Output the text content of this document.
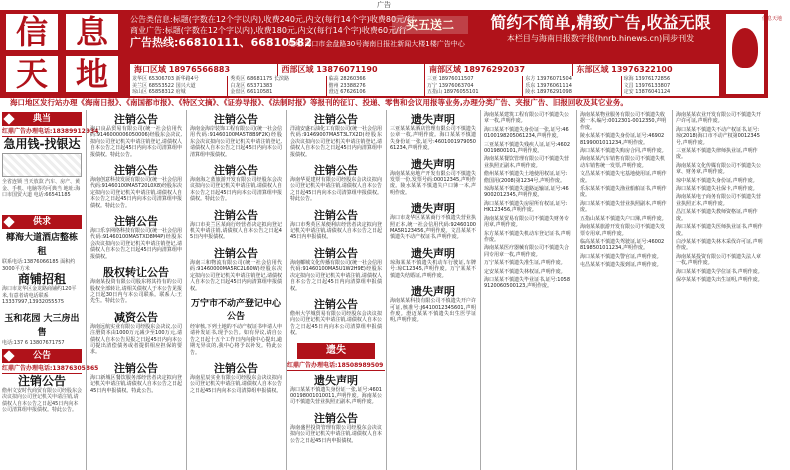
广告
信 息
天 地
公告类信息:标题(字数在12个字以内),收费240元,内文(每行14个字)收费80元/行
商业广告:标题(字数在12个字以内),收费180元,内文(每行14个字)收费60元/行
广告热线:66810111、66810582
地址:海口市金盘路30号海南日报社新闻大楼1楼广告中心
买五送二	简约不简单,精致广告,收益无限
本栏目与海南日报数字报(hnrb.hinews.cn)同步刊发
信息天地
海口区域 18976566883	西部区域 13876071190	南部区域 18976292037	东部区域 13976322100
龙华区 65306703 新华路4号
美兰区 68553522 国兴大道
琼山区 65858312 府城
秀英区 68681175 长滨路
白龙区 65371383
金盘区 66110581
临高 28260366
儋州 23388276
澄迈 67626106
三亚 18976011507
万宁 13976063704
五指山 18976055101
东方 13976071504
乐东 13976061114
陵水 18976291098
琼海 13976172856
文昌 13976133807
定安 13876041124
海口地区发行站办理《海南日报》、《南国都市报》、《特区文摘》、《证券导报》、《法制时报》等报刊的征订、投递、零售和会议用报等业务,办理分类广告、夹报广告、旧报回收及其它业务。
典当
红鼎广告办理电话:18389912934
急用钱-找银达
全省连锁 当天放款 汽车、房产、黄金、手机、电脑等均可典当 地址:海口市国贸大道 电话:66541185
供求
椰海大道酒店整栋租
联系电话:13876066185 面积约3000平方米
商铺招租
海口市龙华区金龙路商铺约120平米,有意者请电话联系13337997,13932055575
玉和花园 大三房出售
电话:137 6 13807671757
公告
红鼎广告办理电话:13876305865
注销公告
儋州文安时代商贸有限公司经股东会决议拟向公司登记机关申请注销,请债权人自本公告之日起45日内向本公司清算组申报债权。特此公告。
注销公告
海口良品贸易有限公司(统一社会信用代码:9146000006050006)经股东会决议,拟向公司登记机关申请注销登记,请债权人自本公告之日起45日内向本公司清算组申报债权。特此公告。
注销公告
海南创意科技发展有限公司(统一社会信用代码:91460100MA5T20L0X8)经股东决定拟向公司登记机关申请注销,请债权人自本公告之日起45日内向本公司清算组申报债权。特此公告。
注销公告
海口乐享网络科技有限公司(统一社会信用代码:91460100MA5TXD8M4P)经股东会决议拟向公司登记机关申请注销登记,请债权人自本公告之日起45日内向清算组申报债权。
股权转让公告
海南某投资有限公司股东将其持有的公司股权全部转让,请相关债权人于本公告见报之日起30日内与本公司联系。联系人:王先生。特此公告。
减资公告
海南远航实业有限公司经股东会决议,公司注册资本由1000万元减少至100万元,请债权人自本公告见报之日起45日内向本公司提出清偿债务或者提供相应担保的要求。
注销公告
海口新城区餐饮服务部经营者决定拟向登记机关申请注销,请债权人自本公告之日起45日内申报债权。特此公告。
注销公告
海南金海岸装饰工程有限公司(统一社会信用代码:91460100MA5T8B9F2K)经股东会决议拟向公司登记机关申请注销登记,请债权人自本公告之日起45日内向本公司清算组申报债权。
注销公告
海南海之蓝旅游开发有限公司经股东会决议拟向公司登记机关申请注销,请债权人自本公告之日起45日内向本公司清算组申报债权。特此公告。
注销公告
海口市美兰区某商行经营者决定拟向登记机关申请注销,请债权人自本公告之日起45日内申报债权。
注销公告
海南三和物流有限公司(统一社会信用代码:91460000MA5RC2L60W)经股东决定拟向公司登记机关申请注销登记,请债权人自本公告之日起45日内向清算组申报债权。
万宁市不动产登记中心公告
经审核,下列土地的不动产权证书申请人申请补发证书,现予公告。如有异议,请自公告之日起十五个工作日内向我中心提出,逾期无异议的,我中心将予以补发。特此公告。
注销公告
海南星辰实业有限公司经股东会决议拟向公司登记机关申请注销,请债权人自本公告之日起45日内向本公司清算组申报债权。
注销公告
洋浦安盛石油化工有限公司(统一社会信用代码:91469007MA5T3L7X2D)经股东会决议拟向公司登记机关申请注销登记,请债权人自本公告之日起45日内向清算组申报债权。
注销公告
海南华夏建材有限公司经股东会决议拟向公司登记机关申请注销,请债权人自本公告之日起45日内向本公司清算组申报债权。特此公告。
注销公告
海口市秀英区某便利店经营者决定拟向登记机关申请注销,请债权人自本公告之日起45日内申报债权。
注销公告
海南椰城文化传播有限公司(统一社会信用代码:91460100MA5U1W2H9E)经股东决定拟向公司登记机关申请注销,请债权人自本公告之日起45日内向清算组申报债权。
注销公告
儋州大学城贸易有限公司经股东会决议拟向公司登记机关申请注销,请债权人自本公告之日起45日内向本公司清算组申报债权。
遗失
红鼎广告办理电话:18508989509
遗失声明
海口某某不慎遗失身份证一张,证号:460100198001010011,声明作废。海南某公司不慎遗失营业执照正副本,声明作废。
注销公告
海南盛世投资管理有限公司经股东会决议拟向公司登记机关申请注销,请债权人自本公告之日起45日内申报债权。
遗失声明
三亚某某某酒店管理有限公司不慎遗失公章一枚,声明作废。海口某某不慎遗失身份证一张,证号:460100197905061234,声明作废。
遗失声明
海南某某房地产开发有限公司不慎遗失发票一份,发票号码:00012345,声明作废。陵水某某不慎遗失户口簿一本,声明作废。
遗失声明
海口市龙华区某某商行不慎遗失营业执照正本,统一社会信用代码:92460100MA5R123456,声明作废。文昌某某不慎遗失不动产权证书,声明作废。
遗失声明
琼海某某不慎遗失机动车行驶证,车牌号:琼C12345,声明作废。万宁某某不慎遗失结婚证,声明作废。
遗失声明
海南某某科技有限公司不慎遗失开户许可证,核准号:J6410012345601,声明作废。澄迈某某不慎遗失出生医学证明,声明作废。
海南某某建筑工程有限公司不慎遗失公章一枚,声明作废。
海口某某不慎遗失身份证一张,证号:460100198205061234,声明作废。
三亚某某不慎遗失残疾人证,证号:46020019800101,声明作废。
海南某某餐饮管理有限公司不慎遗失营业执照正副本,声明作废。
儋州某某不慎遗失土地使用权证,证号:儋国用(2008)第1234号,声明作废。
琼海某某不慎遗失道路运输证,证号:469002012345,声明作废。
海口某某不慎遗失房屋所有权证,证号:HK123456,声明作废。
海南某某贸易有限公司不慎遗失财务专用章,声明作废。
东方某某不慎遗失机动车登记证书,声明作废。
海南某某医疗器械有限公司不慎遗失合同专用章一枚,声明作废。
万宁某某不慎遗失准生证,声明作废。
定安某某不慎遗失林权证,声明作废。
海口某某不慎遗失毕业证书,证号:10589120060500123,声明作废。
海南某某物业服务有限公司不慎遗失收据一本,编号:0012301-0012350,声明作废。
陵水某某不慎遗失身份证,证号:469028199001011234,声明作废。
海口某某不慎遗失购房合同,声明作废。
海南某某汽车销售有限公司不慎遗失机动车销售统一发票,声明作废。
文昌某某不慎遗失宅基地使用证,声明作废。
乐东某某不慎遗失渔业船舶证书,声明作废。
海口某某不慎遗失营业执照副本,声明作废。
五指山某某不慎遗失户口簿,声明作废。
海南某某旅游开发有限公司不慎遗失发票专用章,声明作废。
临高某某不慎遗失驾驶证,证号:460028198501011234,声明作废。
海口某某不慎遗失警官证,声明作废。
屯昌某某不慎遗失报到证,声明作废。
海南某某农业开发有限公司不慎遗失开户许可证,声明作废。
海口某某不慎遗失不动产权证书,证号:琼(2018)海口市不动产权第0012345号,声明作废。
三亚某某不慎遗失律师执业证,声明作废。
海南某某文化传媒有限公司不慎遗失公章、财务章,声明作废。
琼中某某不慎遗失身份证,声明作废。
海口某某不慎遗失社保卡,声明作废。
海南某某电子商务有限公司不慎遗失营业执照正本,声明作废。
昌江某某不慎遗失教师资格证,声明作废。
海口某某不慎遗失医师执业证书,声明作废。
白沙某某不慎遗失林木采伐许可证,声明作废。
海南某某投资有限公司不慎遗失法人章一枚,声明作废。
海口某某不慎遗失学位证书,声明作废。
保亭某某不慎遗失出生证明,声明作废。
